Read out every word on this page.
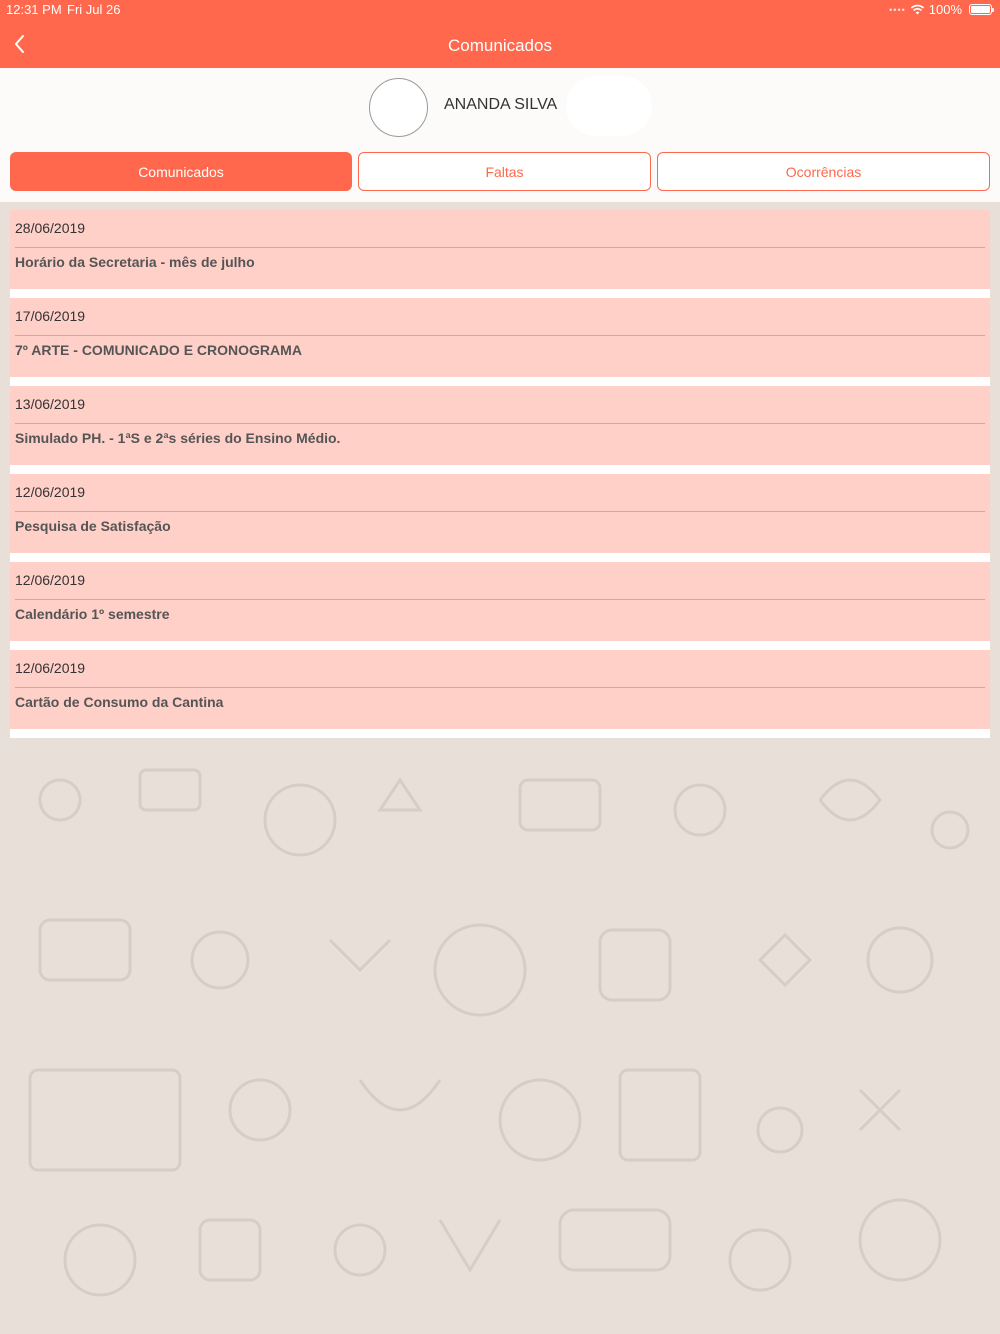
12:31 PM Fri Jul 26	•••• 100%
Comunicados
ANANDA SILVA
Comunicados	Faltas	Ocorrências
28/06/2019
Horário da Secretaria - mês de julho
17/06/2019
7º ARTE - COMUNICADO E CRONOGRAMA
13/06/2019
Simulado PH. - 1ªS e 2ªs séries do Ensino Médio.
12/06/2019
Pesquisa de Satisfação
12/06/2019
Calendário 1º semestre
12/06/2019
Cartão de Consumo da Cantina
